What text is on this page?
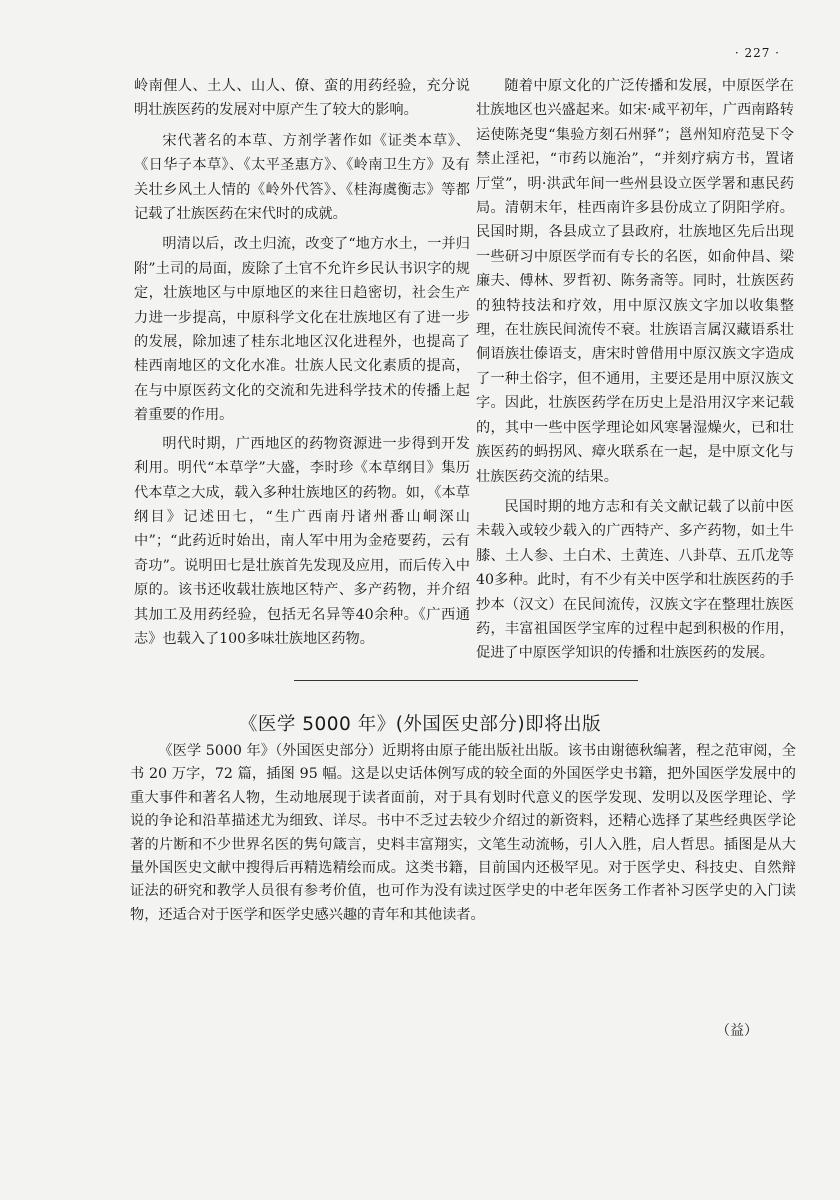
· 227 ·

岭南俚人、土人、山人、僚、蛮的用药经验，充分说明壮族医药的发展对中原产生了较大的影响。

宋代著名的本草、方剂学著作如《证类本草》、《日华子本草》、《太平圣惠方》、《岭南卫生方》及有关壮乡风土人情的《岭外代答》、《桂海虞衡志》等都记载了壮族医药在宋代时的成就。

明清以后，改土归流，改变了“地方水土，一并归附”土司的局面，废除了土官不允许乡民认书识字的规定，壮族地区与中原地区的来往日趋密切，社会生产力进一步提高，中原科学文化在壮族地区有了进一步的发展，除加速了桂东北地区汉化进程外，也提高了桂西南地区的文化水准。壮族人民文化素质的提高，在与中原医药文化的交流和先进科学技术的传播上起着重要的作用。

明代时期，广西地区的药物资源进一步得到开发利用。明代“本草学”大盛，李时珍《本草纲目》集历代本草之大成，载入多种壮族地区的药物。如，《本草纲目》记述田七，“生广西南丹诸州番山峒深山中”；“此药近时始出，南人军中用为金疮要药，云有奇功”。说明田七是壮族首先发现及应用，而后传入中原的。该书还收载壮族地区特产、多产药物，并介绍其加工及用药经验，包括无名异等40余种。《广西通志》也载入了100多味壮族地区药物。

随着中原文化的广泛传播和发展，中原医学在壮族地区也兴盛起来。如宋·咸平初年，广西南路转运使陈尧叟“集验方刻石州驿”；邕州知府范旻下令禁止淫祀，“市药以施治”，“并刻疗病方书，置诸厅堂”，明·洪武年间一些州县设立医学署和惠民药局。清朝末年，桂西南许多县份成立了阴阳学府。民国时期，各县成立了县政府，壮族地区先后出现一些研习中原医学而有专长的名医，如俞仲昌、梁廉夫、傅林、罗哲初、陈务斋等。同时，壮族医药的独特技法和疗效，用中原汉族文字加以收集整理，在壮族民间流传不衰。壮族语言属汉藏语系壮侗语族壮傣语支，唐宋时曾借用中原汉族文字造成了一种土俗字，但不通用，主要还是用中原汉族文字。因此，壮族医药学在历史上是沿用汉字来记载的，其中一些中医学理论如风寒暑湿燥火，已和壮族医药的蚂拐风、瘴火联系在一起，是中原文化与壮族医药交流的结果。

民国时期的地方志和有关文献记载了以前中医未载入或较少载入的广西特产、多产药物，如土牛膝、土人参、土白术、土黄连、八卦草、五爪龙等40多种。此时，有不少有关中医学和壮族医药的手抄本（汉文）在民间流传，汉族文字在整理壮族医药，丰富祖国医学宝库的过程中起到积极的作用，促进了中原医学知识的传播和壮族医药的发展。

《医学 5000 年》(外国医史部分)即将出版

《医学 5000 年》（外国医史部分）近期将由原子能出版社出版。该书由谢德秋编著，程之范审阅，全书 20 万字，72 篇，插图 95 幅。这是以史话体例写成的较全面的外国医学史书籍，把外国医学发展中的重大事件和著名人物，生动地展现于读者面前，对于具有划时代意义的医学发现、发明以及医学理论、学说的争论和沿革描述尤为细致、详尽。书中不乏过去较少介绍过的新资料，还精心选择了某些经典医学论著的片断和不少世界名医的隽句箴言，史料丰富翔实，文笔生动流畅，引人入胜，启人哲思。插图是从大量外国医史文献中搜得后再精选精绘而成。这类书籍，目前国内还极罕见。对于医学史、科技史、自然辩证法的研究和教学人员很有参考价值，也可作为没有读过医学史的中老年医务工作者补习医学史的入门读物，还适合对于医学和医学史感兴趣的青年和其他读者。

（益）
